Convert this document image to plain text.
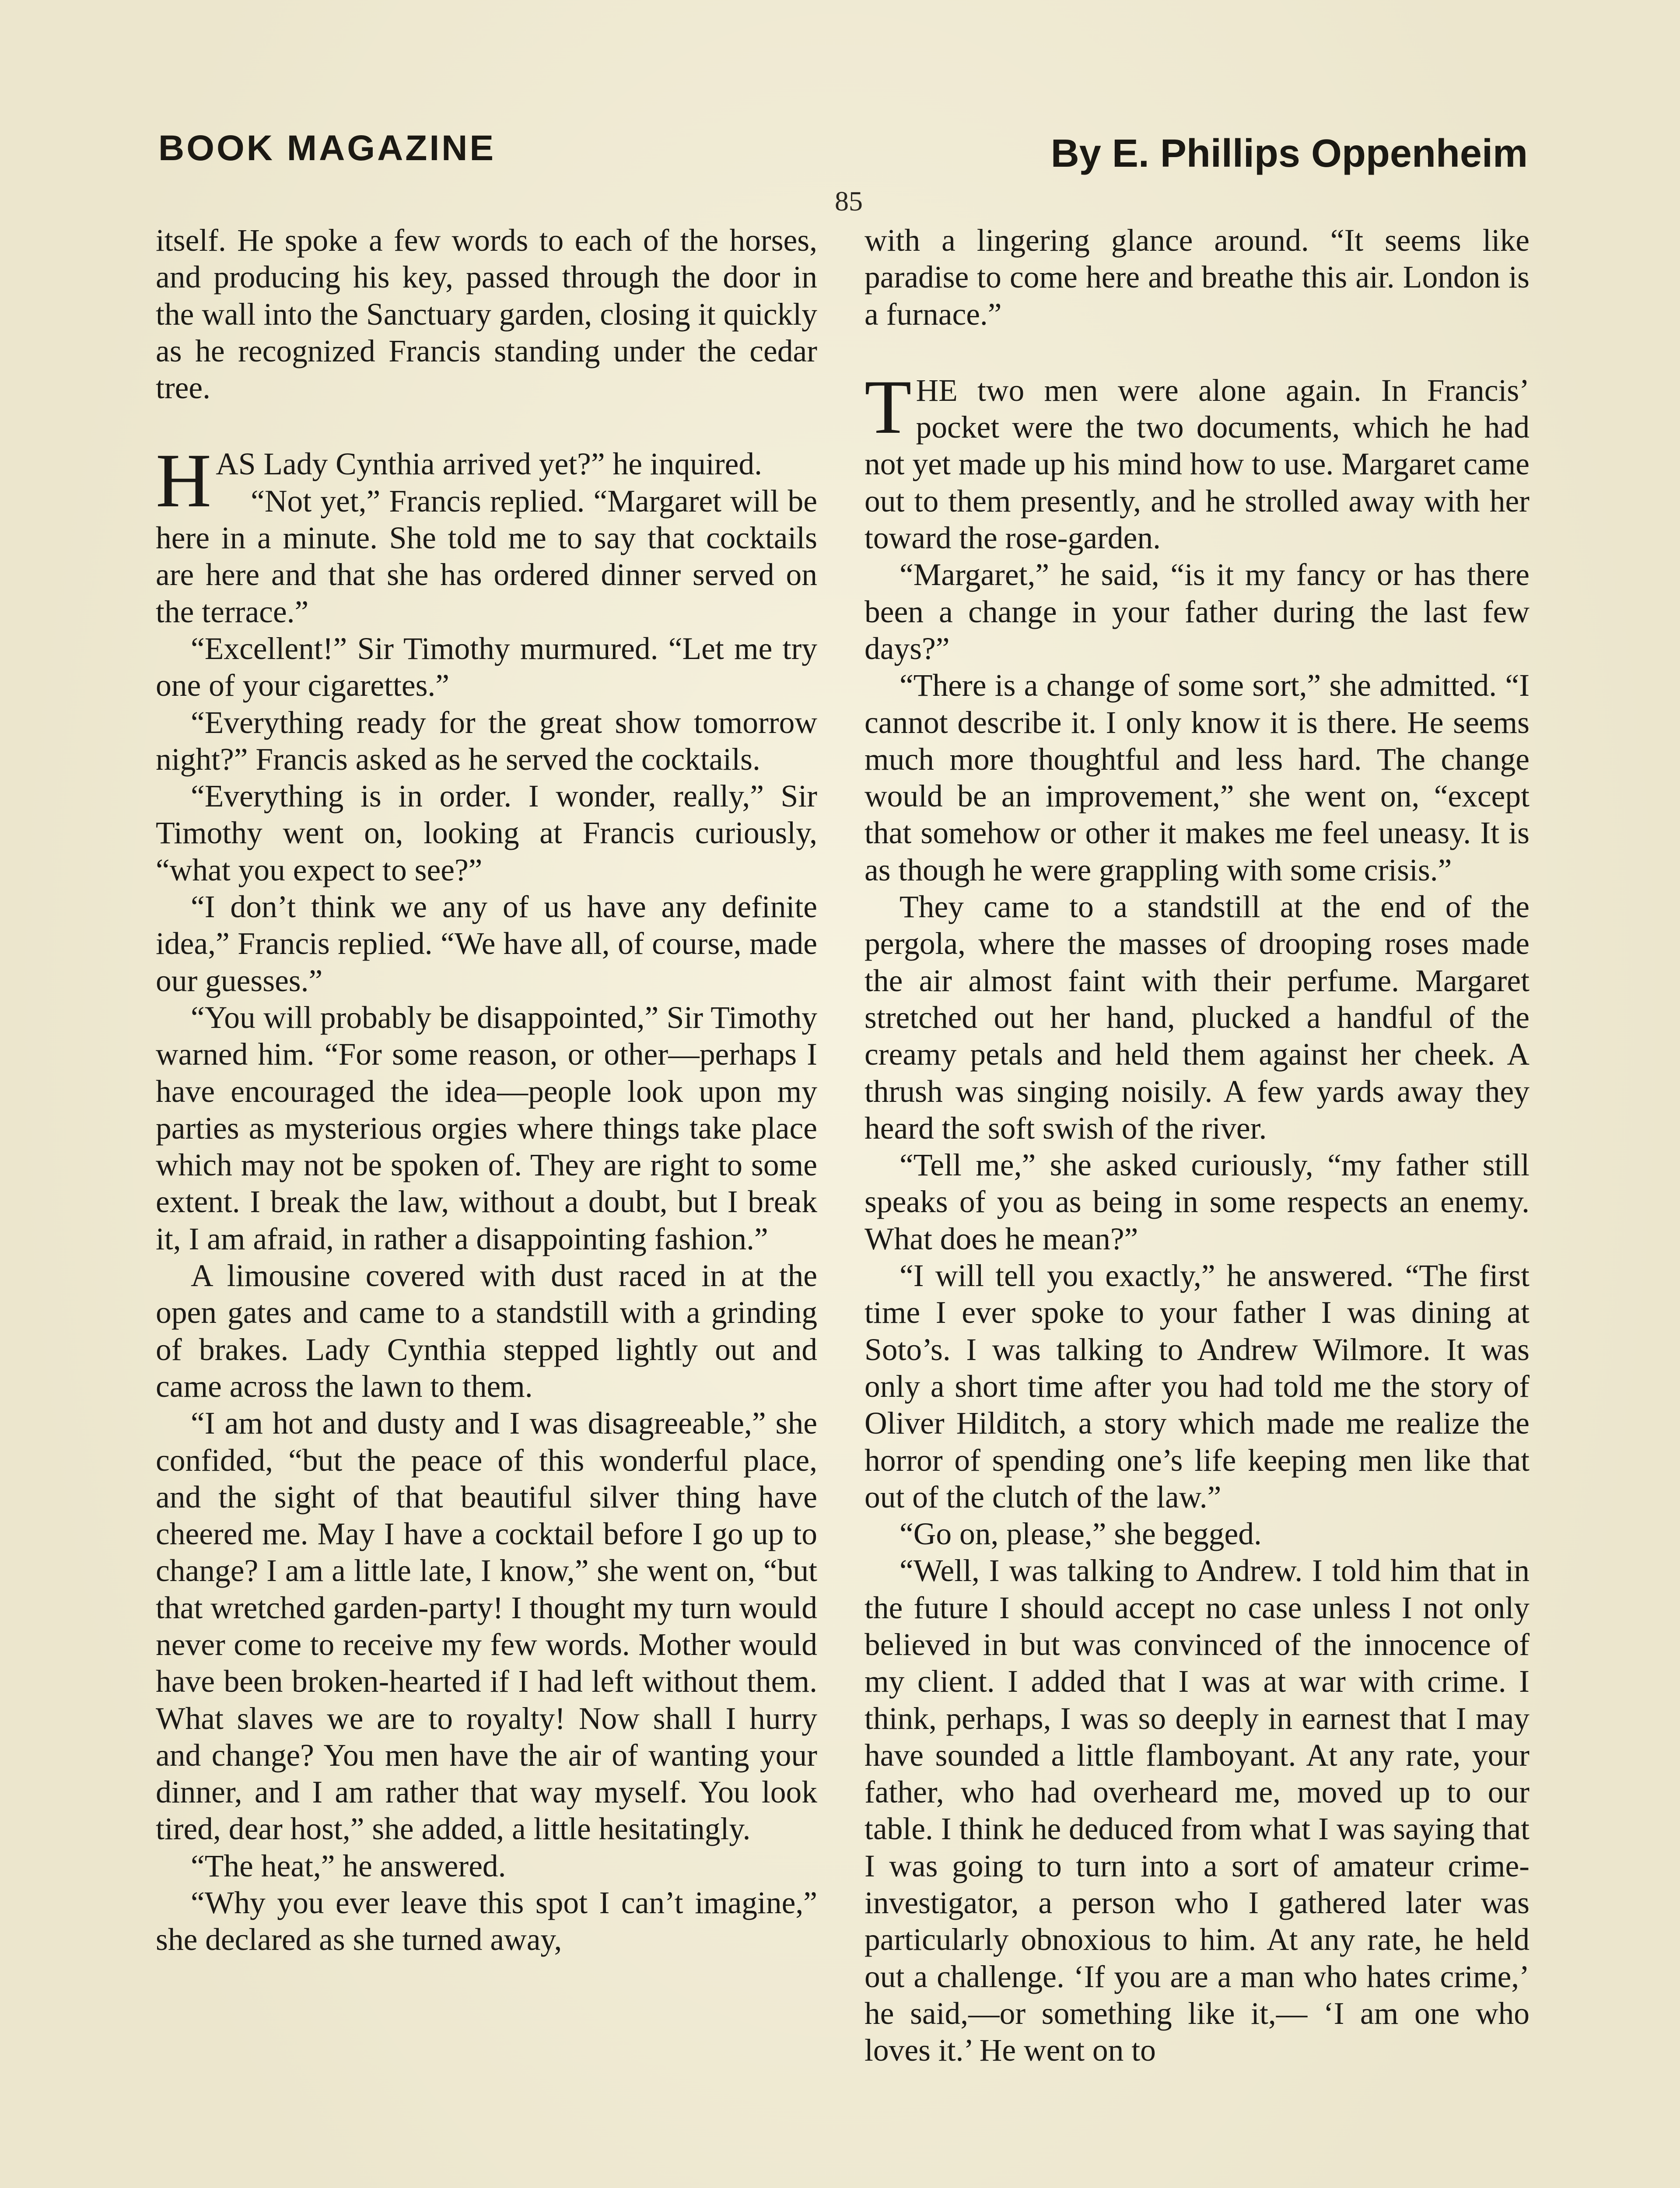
BOOK MAGAZINE
85
By E. Phillips Oppenheim

itself. He spoke a few words to each of the horses, and producing his key, passed through the door in the wall into the Sanctuary garden, closing it quickly as he recognized Francis standing under the cedar tree.

HAS Lady Cynthia arrived yet?” he inquired.

“Not yet,” Francis replied. “Margaret will be here in a minute. She told me to say that cocktails are here and that she has ordered dinner served on the terrace.”

“Excellent!” Sir Timothy murmured. “Let me try one of your cigarettes.”

“Everything ready for the great show tomorrow night?” Francis asked as he served the cocktails.

“Everything is in order. I wonder, really,” Sir Timothy went on, looking at Francis curiously, “what you expect to see?”

“I don’t think we any of us have any definite idea,” Francis replied. “We have all, of course, made our guesses.”

“You will probably be disappointed,” Sir Timothy warned him. “For some reason, or other—perhaps I have encouraged the idea—people look upon my parties as mysterious orgies where things take place which may not be spoken of. They are right to some extent. I break the law, without a doubt, but I break it, I am afraid, in rather a disappointing fashion.”

A limousine covered with dust raced in at the open gates and came to a standstill with a grinding of brakes. Lady Cynthia stepped lightly out and came across the lawn to them.

“I am hot and dusty and I was disagreeable,” she confided, “but the peace of this wonderful place, and the sight of that beautiful silver thing have cheered me. May I have a cocktail before I go up to change? I am a little late, I know,” she went on, “but that wretched garden-party! I thought my turn would never come to receive my few words. Mother would have been broken-hearted if I had left without them. What slaves we are to royalty! Now shall I hurry and change? You men have the air of wanting your dinner, and I am rather that way myself. You look tired, dear host,” she added, a little hesitatingly.

“The heat,” he answered.

“Why you ever leave this spot I can’t imagine,” she declared as she turned away,

with a lingering glance around. “It seems like paradise to come here and breathe this air. London is a furnace.”

THE two men were alone again. In Francis’ pocket were the two documents, which he had not yet made up his mind how to use. Margaret came out to them presently, and he strolled away with her toward the rose-garden.

“Margaret,” he said, “is it my fancy or has there been a change in your father during the last few days?”

“There is a change of some sort,” she admitted. “I cannot describe it. I only know it is there. He seems much more thoughtful and less hard. The change would be an improvement,” she went on, “except that somehow or other it makes me feel uneasy. It is as though he were grappling with some crisis.”

They came to a standstill at the end of the pergola, where the masses of drooping roses made the air almost faint with their perfume. Margaret stretched out her hand, plucked a handful of the creamy petals and held them against her cheek. A thrush was singing noisily. A few yards away they heard the soft swish of the river.

“Tell me,” she asked curiously, “my father still speaks of you as being in some respects an enemy. What does he mean?”

“I will tell you exactly,” he answered. “The first time I ever spoke to your father I was dining at Soto’s. I was talking to Andrew Wilmore. It was only a short time after you had told me the story of Oliver Hilditch, a story which made me realize the horror of spending one’s life keeping men like that out of the clutch of the law.”

“Go on, please,” she begged.

“Well, I was talking to Andrew. I told him that in the future I should accept no case unless I not only believed in but was convinced of the innocence of my client. I added that I was at war with crime. I think, perhaps, I was so deeply in earnest that I may have sounded a little flamboyant. At any rate, your father, who had overheard me, moved up to our table. I think he deduced from what I was saying that I was going to turn into a sort of amateur crime-investigator, a person who I gathered later was particularly obnoxious to him. At any rate, he held out a challenge. ‘If you are a man who hates crime,’ he said,—or something like it,— ‘I am one who loves it.’ He went on to
